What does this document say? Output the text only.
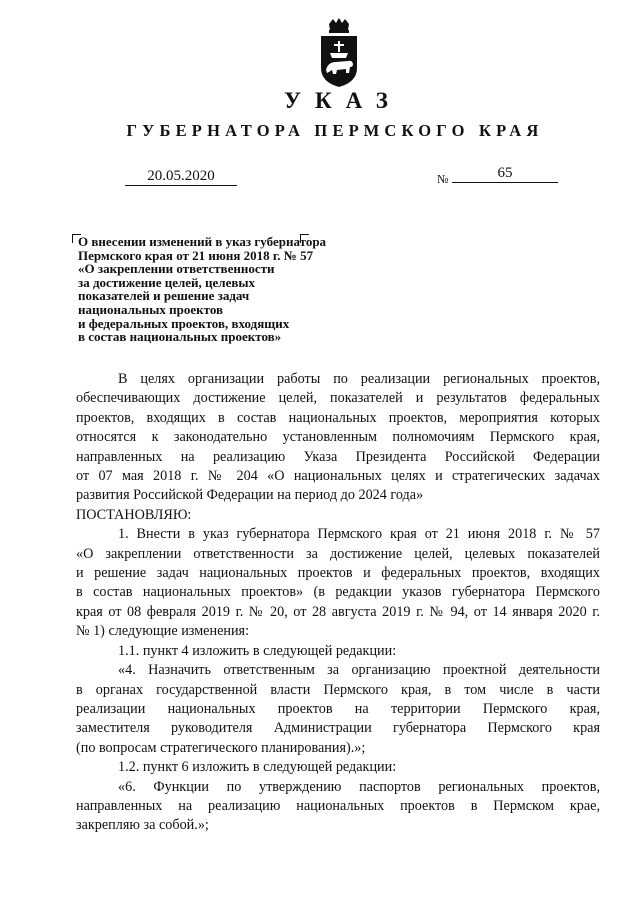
УКАЗ
ГУБЕРНАТОРА ПЕРМСКОГО КРАЯ
20.05.2020	№	65
О внесении изменений в указ губернатора
Пермского края от 21 июня 2018 г. № 57
«О закреплении ответственности
за достижение целей, целевых
показателей и решение задач
национальных проектов
и федеральных проектов, входящих
в состав национальных проектов»

В целях организации работы по реализации региональных проектов,

обеспечивающих достижение целей, показателей и результатов федеральных

проектов, входящих в состав национальных проектов, мероприятия которых

относятся к законодательно установленным полномочиям Пермского края,

направленных на реализацию Указа Президента Российской Федерации

от 07 мая 2018 г. № 204 «О национальных целях и стратегических задачах

развития Российской Федерации на период до 2024 года»

ПОСТАНОВЛЯЮ:

1. Внести в указ губернатора Пермского края от 21 июня 2018 г. № 57

«О закреплении ответственности за достижение целей, целевых показателей

и решение задач национальных проектов и федеральных проектов, входящих

в состав национальных проектов» (в редакции указов губернатора Пермского

края от 08 февраля 2019 г. № 20, от 28 августа 2019 г. № 94, от 14 января 2020 г.

№ 1) следующие изменения:

1.1. пункт 4 изложить в следующей редакции:

«4. Назначить ответственным за организацию проектной деятельности

в органах государственной власти Пермского края, в том числе в части

реализации национальных проектов на территории Пермского края,

заместителя руководителя Администрации губернатора Пермского края

(по вопросам стратегического планирования).»;

1.2. пункт 6 изложить в следующей редакции:

«6. Функции по утверждению паспортов региональных проектов,

направленных на реализацию национальных проектов в Пермском крае,

закрепляю за собой.»;
